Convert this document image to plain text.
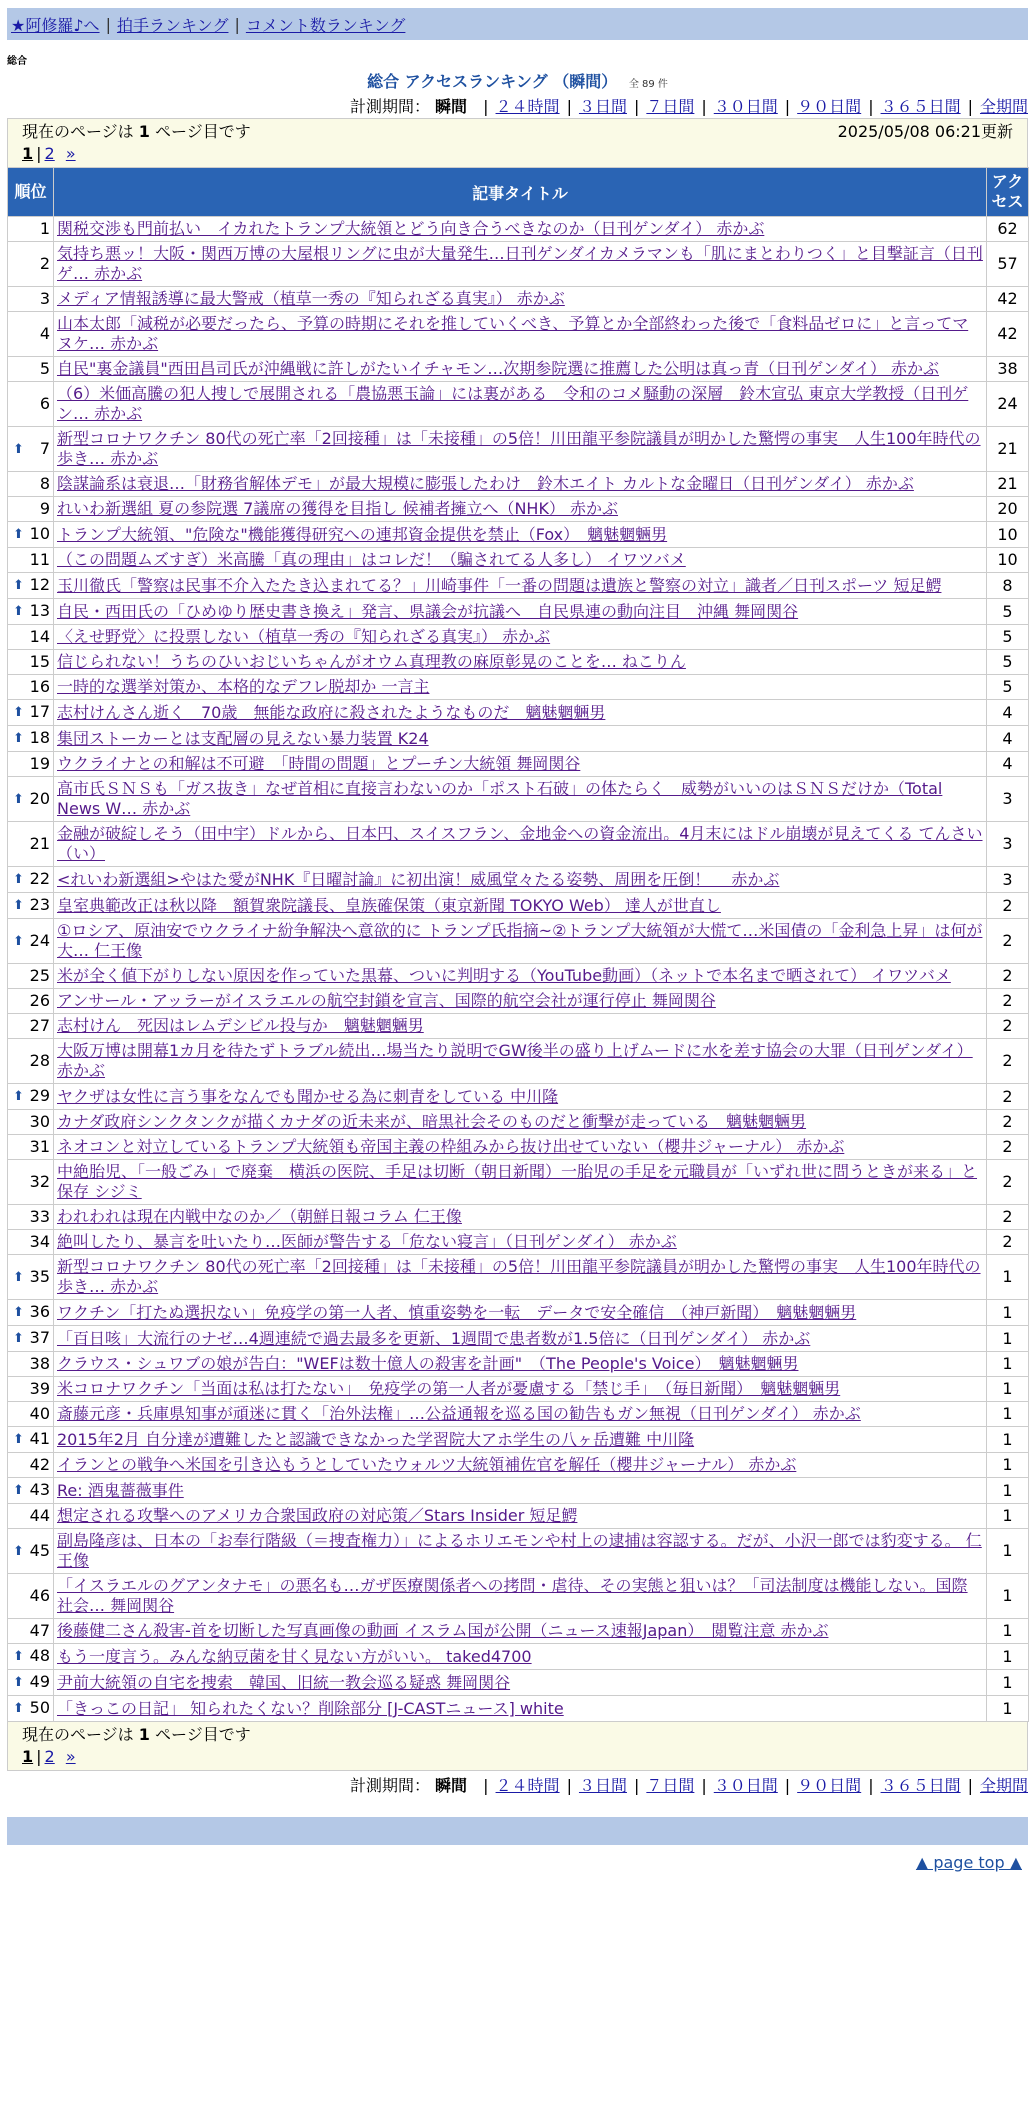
★阿修羅♪へ | 拍手ランキング | コメント数ランキング
総合
総合 アクセスランキング （瞬間） 全 89 件
計測期間： 瞬間 | ２４時間 | ３日間 | ７日間 | ３０日間 | ９０日間 | ３６５日間 | 全期間
現在のページは 1 ページ目です	2025/05/08 06:21更新
1 | 2 »
順位	記事タイトル	アクセス
1	関税交渉も門前払い　イカれたトランプ大統領とどう向き合うべきなのか（日刊ゲンダイ） 赤かぶ	62
2	気持ち悪ッ！大阪・関西万博の大屋根リングに虫が大量発生…日刊ゲンダイカメラマンも「肌にまとわりつく」と目撃証言（日刊ゲ… 赤かぶ	57
3	メディア情報誘導に最大警戒（植草一秀の『知られざる真実』） 赤かぶ	42
4	山本太郎「減税が必要だったら、予算の時期にそれを推していくべき、予算とか全部終わった後で「食料品ゼロに」と言ってマヌケ… 赤かぶ	42
5	自民"裏金議員"西田昌司氏が沖縄戦に許しがたいイチャモン…次期参院選に推薦した公明は真っ青（日刊ゲンダイ） 赤かぶ	38
6	（6）米価高騰の犯人捜しで展開される「農協悪玉論」には裏がある　令和のコメ騒動の深層　鈴木宣弘 東京大学教授（日刊ゲン… 赤かぶ	24

⬆ 7	新型コロナワクチン 80代の死亡率「2回接種」は「未接種」の5倍！川田龍平参院議員が明かした驚愕の事実　人生100年時代の歩き… 赤かぶ	21
8	陰謀論系は衰退…「財務省解体デモ」が最大規模に膨張したわけ　鈴木エイト カルトな金曜日（日刊ゲンダイ） 赤かぶ	21
9	れいわ新選組 夏の参院選 7議席の獲得を目指し 候補者擁立へ（NHK） 赤かぶ	20

⬆ 10	トランプ大統領、"危険な"機能獲得研究への連邦資金提供を禁止（Fox）　魑魅魍魎男	10
11	（この問題ムズすぎ）米高騰「真の理由」はコレだ！（騙されてる人多し） イワツバメ	10

⬆ 12	玉川徹氏「警察は民事不介入たたき込まれてる？」川崎事件「一番の問題は遺族と警察の対立」識者／日刊スポーツ 短足鰐	8

⬆ 13	自民・西田氏の「ひめゆり歴史書き換え」発言、県議会が抗議へ　自民県連の動向注目　沖縄 舞岡関谷	5
14	〈えせ野党〉に投票しない（植草一秀の『知られざる真実』） 赤かぶ	5
15	信じられない！うちのひいおじいちゃんがオウム真理教の麻原彰晃のことを… ねこりん	5
16	一時的な選挙対策か、本格的なデフレ脱却か 一言主	5

⬆ 17	志村けんさん逝く　70歳　無能な政府に殺されたようなものだ　魑魅魍魎男	4

⬆ 18	集団ストーカーとは支配層の見えない暴力装置 K24	4
19	ウクライナとの和解は不可避　「時間の問題」とプーチン大統領 舞岡関谷	4

⬆ 20	高市氏ＳＮＳも「ガス抜き」なぜ首相に直接言わないのか「ポスト石破」の体たらく　威勢がいいのはＳＮＳだけか（Total News W… 赤かぶ	3
21	金融が破綻しそう（田中宇）ドルから、日本円、スイスフラン、金地金への資金流出。4月末にはドル崩壊が見えてくる てんさい（い）	3

⬆ 22	<れいわ新選組>やはた愛がNHK『日曜討論』に初出演！威風堂々たる姿勢、周囲を圧倒！　 赤かぶ	3

⬆ 23	皇室典範改正は秋以降　額賀衆院議長、皇族確保策（東京新聞 TOKYO Web） 達人が世直し	2

⬆ 24	①ロシア、原油安でウクライナ紛争解決へ意欲的に トランプ氏指摘~②トランプ大統領が大慌て…米国債の「金利急上昇」は何が大… 仁王像	2
25	米が全く値下がりしない原因を作っていた黒幕、ついに判明する（YouTube動画）（ネットで本名まで晒されて） イワツバメ	2
26	アンサール・アッラーがイスラエルの航空封鎖を宣言、国際的航空会社が運行停止 舞岡関谷	2
27	志村けん　死因はレムデシビル投与か　魑魅魍魎男	2
28	大阪万博は開幕1カ月を待たずトラブル続出…場当たり説明でGW後半の盛り上げムードに水を差す協会の大罪（日刊ゲンダイ） 赤かぶ	2

⬆ 29	ヤクザは女性に言う事をなんでも聞かせる為に刺青をしている 中川隆	2
30	カナダ政府シンクタンクが描くカナダの近未来が、暗黒社会そのものだと衝撃が走っている　魑魅魍魎男	2
31	ネオコンと対立しているトランプ大統領も帝国主義の枠組みから抜け出せていない（櫻井ジャーナル） 赤かぶ	2
32	中絶胎児、「一般ごみ」で廃棄　横浜の医院、手足は切断（朝日新聞）一胎児の手足を元職員が「いずれ世に問うときが来る」と保存 シジミ	2
33	われわれは現在内戦中なのか／（朝鮮日報コラム 仁王像	2
34	絶叫したり、暴言を吐いたり…医師が警告する「危ない寝言」（日刊ゲンダイ） 赤かぶ	2

⬆ 35	新型コロナワクチン 80代の死亡率「2回接種」は「未接種」の5倍！川田龍平参院議員が明かした驚愕の事実　人生100年時代の歩き… 赤かぶ	1

⬆ 36	ワクチン「打たぬ選択ない」免疫学の第一人者、慎重姿勢を一転　データで安全確信　（神戸新聞）　魑魅魍魎男	1

⬆ 37	「百日咳」大流行のナゼ…4週連続で過去最多を更新、1週間で患者数が1.5倍に（日刊ゲンダイ） 赤かぶ	1
38	クラウス・シュワブの娘が告白："WEFは数十億人の殺害を計画"　（The People's Voice）　魑魅魍魎男	1
39	米コロナワクチン「当面は私は打たない」　免疫学の第一人者が憂慮する「禁じ手」　（毎日新聞）　魑魅魍魎男	1
40	斎藤元彦・兵庫県知事が頑迷に貫く「治外法権」…公益通報を巡る国の勧告もガン無視（日刊ゲンダイ） 赤かぶ	1

⬆ 41	2015年2月 自分達が遭難したと認識できなかった学習院大アホ学生の八ヶ岳遭難 中川隆	1
42	イランとの戦争へ米国を引き込もうとしていたウォルツ大統領補佐官を解任（櫻井ジャーナル） 赤かぶ	1

⬆ 43	Re: 酒鬼薔薇事件	1
44	想定される攻撃へのアメリカ合衆国政府の対応策／Stars Insider 短足鰐	1

⬆ 45	副島隆彦は、日本の「お奉行階級（＝捜査権力）」によるホリエモンや村上の逮捕は容認する。だが、小沢一郎では豹変する。 仁王像	1
46	「イスラエルのグアンタナモ」の悪名も…ガザ医療関係者への拷問・虐待、その実態と狙いは？「司法制度は機能しない。国際社会… 舞岡関谷	1
47	後藤健二さん殺害-首を切断した写真画像の動画 イスラム国が公開（ニュース速報Japan）　閲覧注意 赤かぶ	1

⬆ 48	もう一度言う。みんな納豆菌を甘く見ない方がいい。 taked4700	1

⬆ 49	尹前大統領の自宅を捜索　韓国、旧統一教会巡る疑惑 舞岡関谷	1

⬆ 50	「きっこの日記」 知られたくない？削除部分 [J-CASTニュース] white	1
現在のページは 1 ページ目です
1 | 2 »
計測期間： 瞬間 | ２４時間 | ３日間 | ７日間 | ３０日間 | ９０日間 | ３６５日間 | 全期間
▲ page top ▲
